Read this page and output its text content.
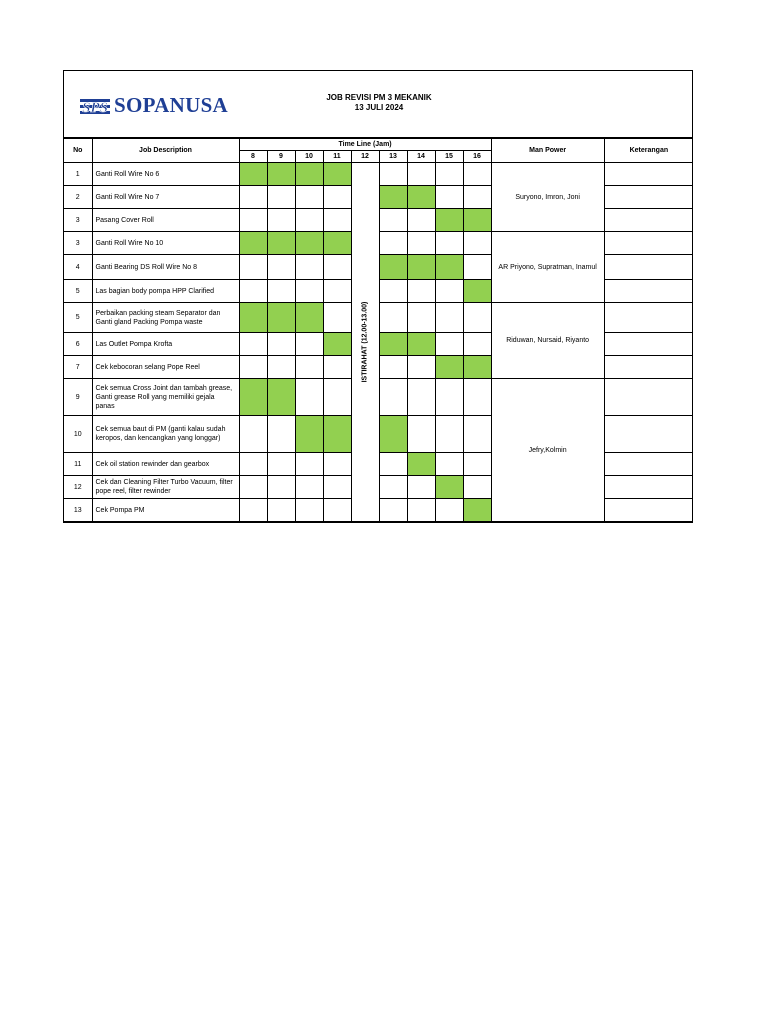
SPS SOPANUSA	JOB REVISI PM 3 MEKANIK
13 JULI 2024
No	Job Description	Time Line (Jam)									Man Power	Keterangan
		8	9	10	11	12	13	14	15	16		
1	Ganti Roll Wire No 6					ISTIRAHAT (12.00-13.00)					Suryono, Imron, Joni	
2	Ganti Roll Wire No 7											
3	Pasang Cover Roll											
3	Ganti Roll Wire No 10										AR Priyono, Supratman, Inamul	
4	Ganti Bearing DS Roll Wire No 8											
5	Las bagian body pompa HPP Clarified											
5	Perbaikan packing steam Separator dan Ganti gland Packing Pompa waste										Riduwan, Nursaid, Riyanto	
6	Las Outlet Pompa Krofta											
7	Cek kebocoran selang Pope Reel											
9	Cek semua Cross Joint dan tambah grease, Ganti grease Roll yang memiliki gejala panas										Jefry,Kolmin	
10	Cek semua baut di PM (ganti kalau sudah keropos, dan kencangkan yang longgar)											
11	Cek oil station rewinder dan gearbox											
12	Cek dan Cleaning Filter Turbo Vacuum, filter pope reel, filter rewinder											
13	Cek Pompa PM											
